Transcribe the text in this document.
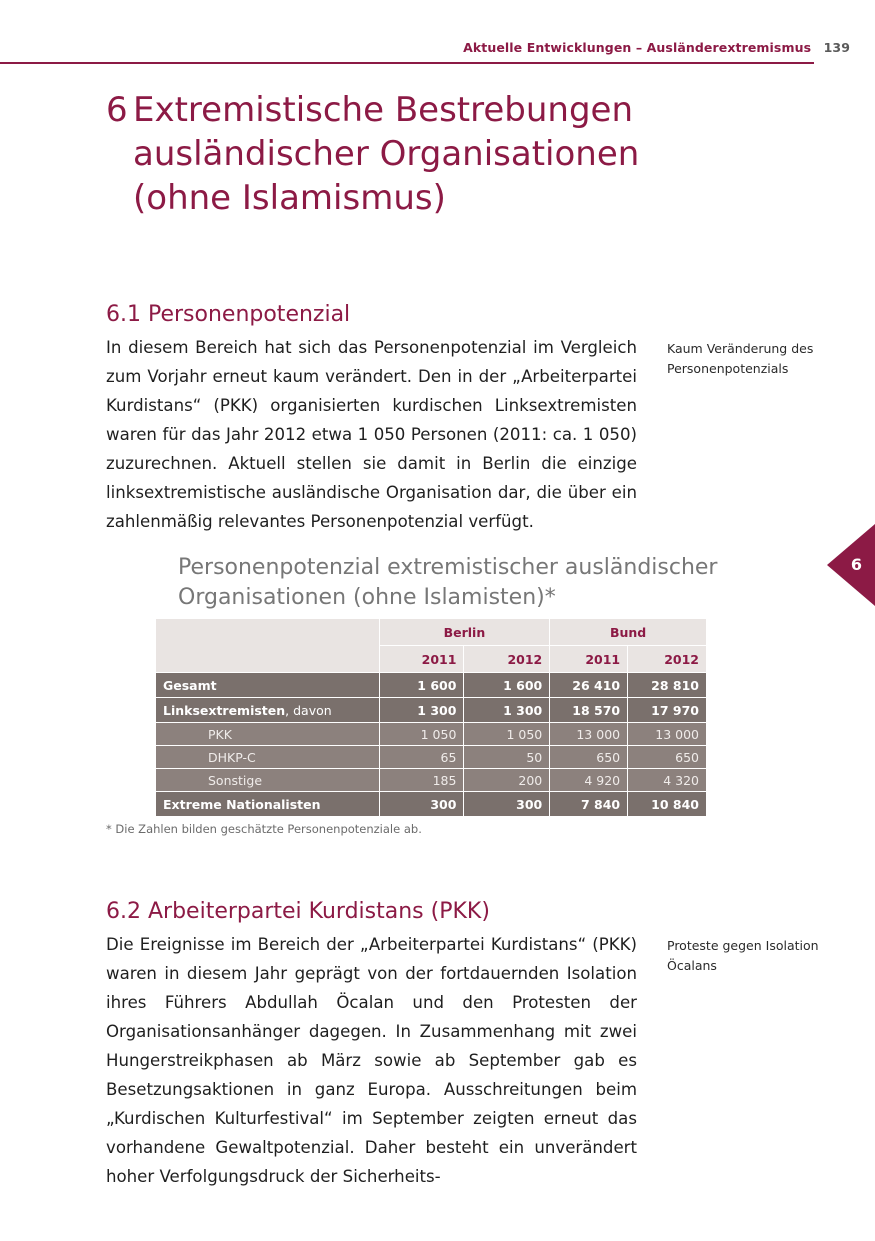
Aktuelle Entwicklungen – Ausländerextremismus 139
6 Extremistische Bestrebungen ausländischer Organisationen (ohne Islamismus)
6.1 Personenpotenzial

In diesem Bereich hat sich das Personenpotenzial im Vergleich zum Vorjahr erneut kaum verändert. Den in der „Arbeiterpartei Kurdistans“ (PKK) organisierten kurdischen Linksextremisten waren für das Jahr 2012 etwa 1 050 Personen (2011: ca. 1 050) zuzurechnen. Aktuell stellen sie damit in Berlin die einzige linksextremistische ausländische Organisation dar, die über ein zahlenmäßig relevantes Personenpotenzial verfügt.

Kaum Veränderung des Personenpotenzials
6
Personenpotenzial extremistischer ausländischer Organisationen (ohne Islamisten)*
	Berlin		Bund	
	2011	2012	2011	2012
Gesamt	1 600	1 600	26 410	28 810
Linksextremisten, davon	1 300	1 300	18 570	17 970
PKK	1 050	1 050	13 000	13 000
DHKP-C	65	50	650	650
Sonstige	185	200	4 920	4 320
Extreme Nationalisten	300	300	7 840	10 840
* Die Zahlen bilden geschätzte Personenpotenziale ab.
6.2 Arbeiterpartei Kurdistans (PKK)

Die Ereignisse im Bereich der „Arbeiterpartei Kurdistans“ (PKK) waren in diesem Jahr geprägt von der fortdauernden Isolation ihres Führers Abdullah Öcalan und den Protesten der Organisationsanhänger dagegen. In Zusammenhang mit zwei Hungerstreikphasen ab März sowie ab September gab es Besetzungsaktionen in ganz Europa. Ausschreitungen beim „Kurdischen Kulturfestival“ im September zeigten erneut das vorhandene Gewaltpotenzial. Daher besteht ein unverändert hoher Verfolgungsdruck der Sicherheits-

Proteste gegen Isolation Öcalans
